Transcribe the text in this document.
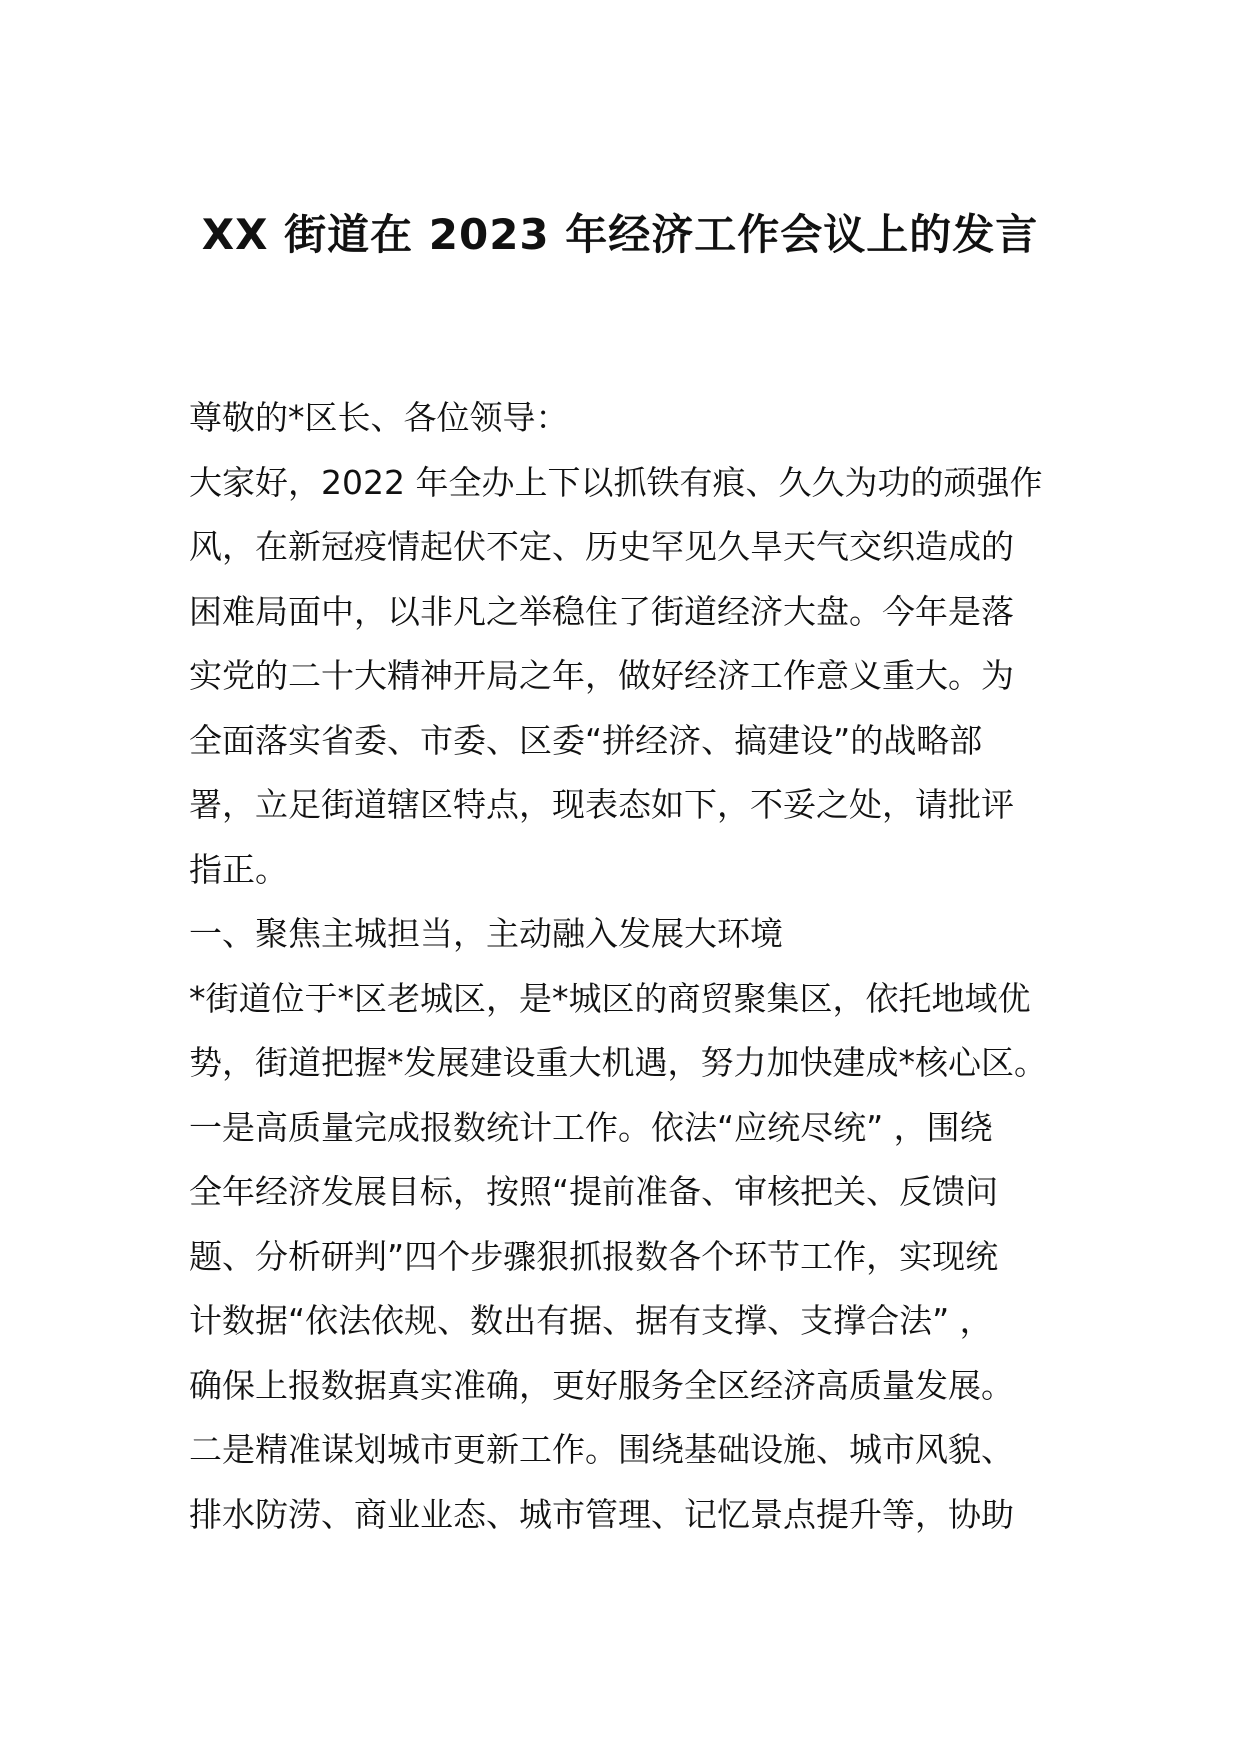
XX 街道在 2023 年经济工作会议上的发言
尊敬的*区长、各位领导：
大家好，2022 年全办上下以抓铁有痕、久久为功的顽强作
风，在新冠疫情起伏不定、历史罕见久旱天气交织造成的
困难局面中，以非凡之举稳住了街道经济大盘。今年是落
实党的二十大精神开局之年，做好经济工作意义重大。为
全面落实省委、市委、区委“拼经济、搞建设”的战略部
署，立足街道辖区特点，现表态如下，不妥之处，请批评
指正。
一、聚焦主城担当，主动融入发展大环境
*街道位于*区老城区，是*城区的商贸聚集区，依托地域优
势，街道把握*发展建设重大机遇，努力加快建成*核心区。
一是高质量完成报数统计工作。依法“应统尽统” ，围绕
全年经济发展目标，按照“提前准备、审核把关、反馈问
题、分析研判”四个步骤狠抓报数各个环节工作，实现统
计数据“依法依规、数出有据、据有支撑、支撑合法” ，
确保上报数据真实准确，更好服务全区经济高质量发展。
二是精准谋划城市更新工作。围绕基础设施、城市风貌、
排水防涝、商业业态、城市管理、记忆景点提升等，协助
